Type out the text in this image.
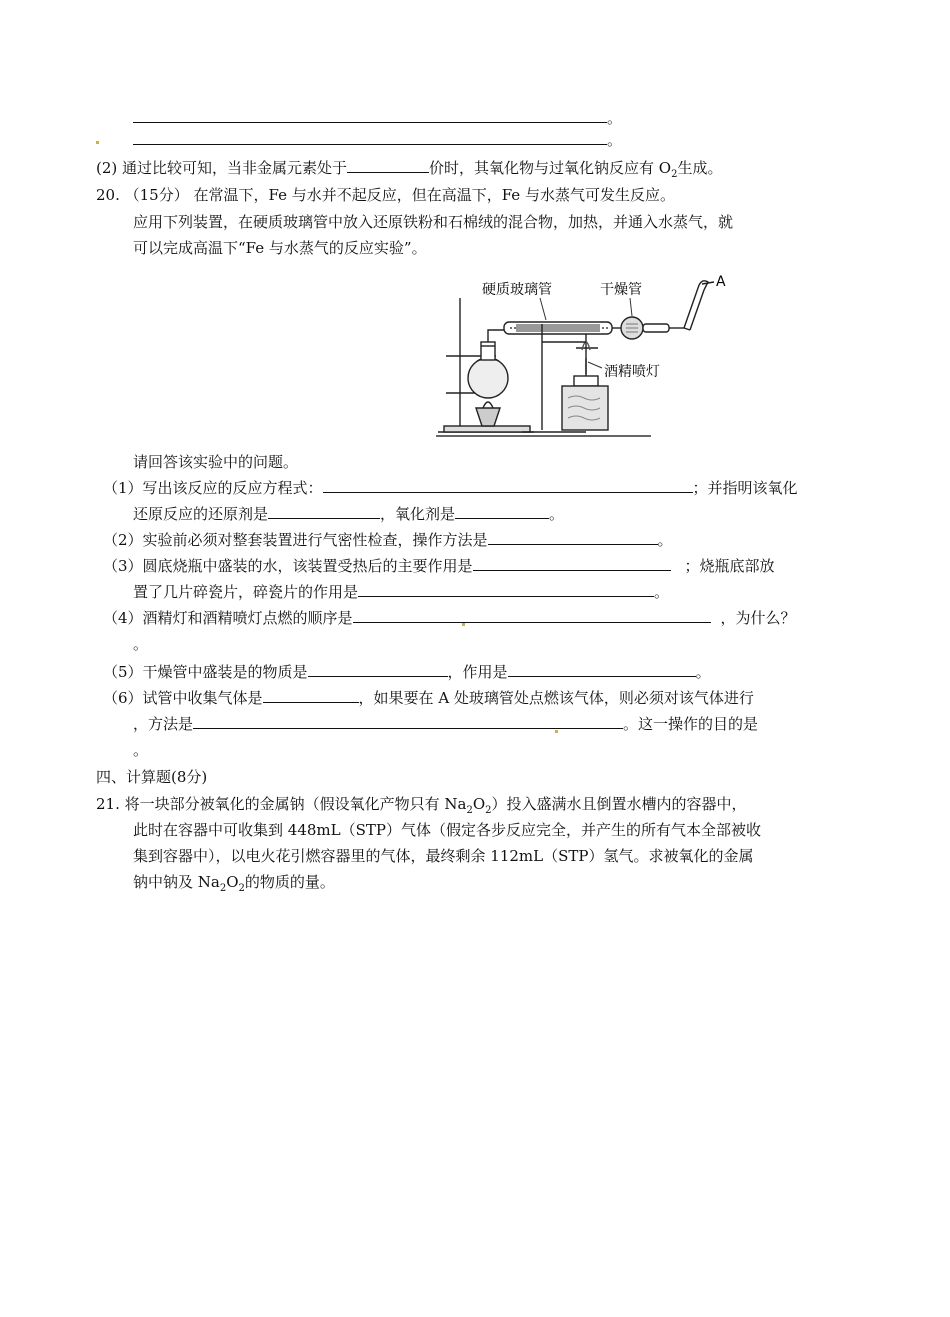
。
。
(2) 通过比较可知，当非金属元素处于	价时，其氧化物与过氧化钠反应有 $O_2$生成。
20. （15分） 在常温下，Fe 与水并不起反应，但在高温下，Fe 与水蒸气可发生反应。
应用下列装置，在硬质玻璃管中放入还原铁粉和石棉绒的混合物，加热，并通入水蒸气，就
可以完成高温下“Fe 与水蒸气的反应实验”。
硬质玻璃管	干燥管	A
酒精喷灯
请回答该实验中的问题。
（1）写出该反应的反应方程式：	；并指明该氧化
还原反应的还原剂是	，氧化剂是	。
（2）实验前必须对整套装置进行气密性检查，操作方法是	。
（3）圆底烧瓶中盛装的水，该装置受热后的主要作用是	；烧瓶底部放
置了几片碎瓷片，碎瓷片的作用是	。
（4）酒精灯和酒精喷灯点燃的顺序是	，为什么？
。
（5）干燥管中盛装是的物质是	，作用是	。
（6）试管中收集气体是	，如果要在 A 处玻璃管处点燃该气体，则必须对该气体进行
，方法是	。这一操作的目的是
。
四、计算题(8分)
21. 将一块部分被氧化的金属钠（假设氧化产物只有 $Na_2O_2$）投入盛满水且倒置水槽内的容器中，
此时在容器中可收集到 448mL（STP）气体（假定各步反应完全，并产生的所有气本全部被收
集到容器中），以电火花引燃容器里的气体，最终剩余 112mL（STP）氢气。求被氧化的金属
钠中钠及 $Na_2O_2$的物质的量。
